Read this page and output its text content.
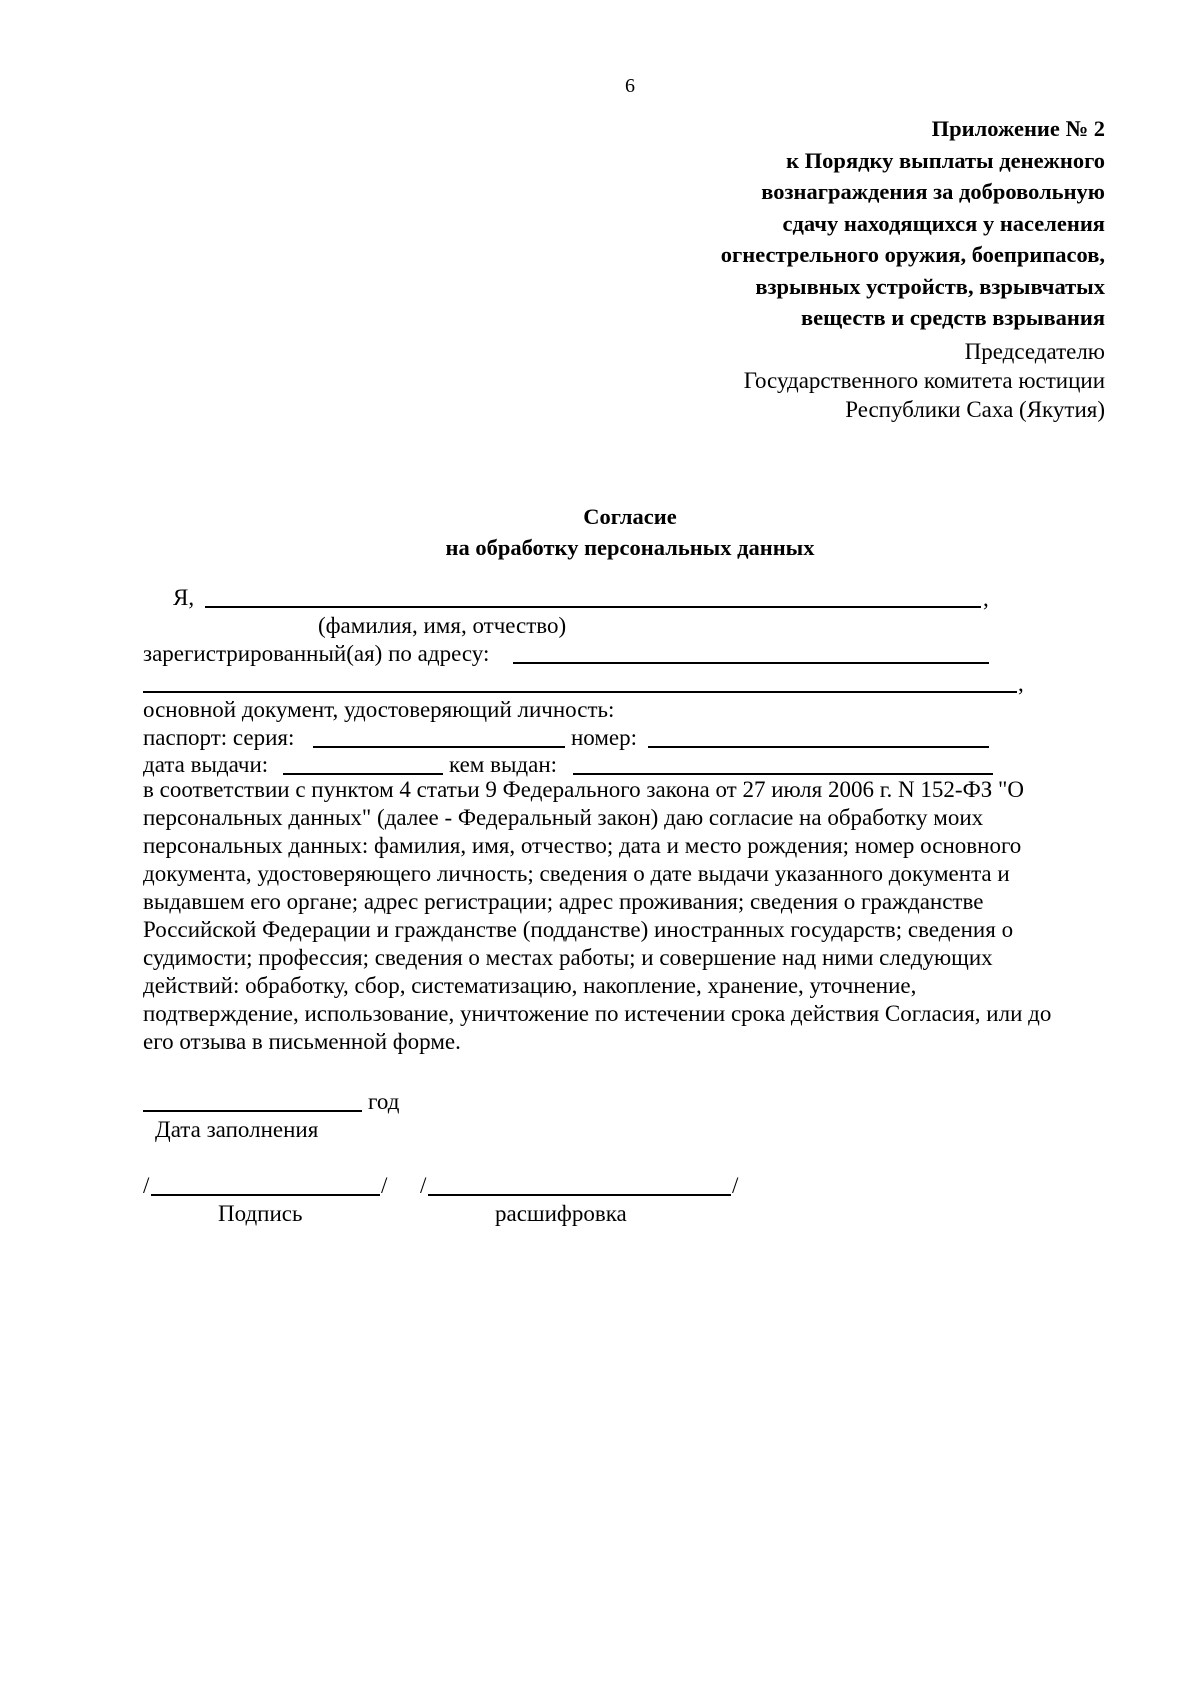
6
Приложение № 2
к Порядку выплаты денежного
вознаграждения за добровольную
сдачу находящихся у населения
огнестрельного оружия, боеприпасов,
взрывных устройств, взрывчатых
веществ и средств взрывания
Председателю
Государственного комитета юстиции
Республики Саха (Якутия)
Согласие
на обработку персональных данных
Я,	,
(фамилия, имя, отчество)
зарегистрированный(ая) по адресу:
,
основной документ, удостоверяющий личность:
паспорт: серия:	номер:
дата выдачи:	кем выдан:
в соответствии с пунктом 4 статьи 9 Федерального закона от 27 июля 2006 г. N 152-ФЗ "О
персональных данных" (далее - Федеральный закон) даю согласие на обработку моих
персональных данных: фамилия, имя, отчество; дата и место рождения; номер основного
документа, удостоверяющего личность; сведения о дате выдачи указанного документа и
выдавшем его органе; адрес регистрации; адрес проживания; сведения о гражданстве
Российской Федерации и гражданстве (подданстве) иностранных государств; сведения о
судимости; профессия; сведения о местах работы; и совершение над ними следующих
действий: обработку, сбор, систематизацию, накопление, хранение, уточнение,
подтверждение, использование, уничтожение по истечении срока действия Согласия, или до
его отзыва в письменной форме.
год
Дата заполнения
/	/ /	/
Подпись	расшифровка
